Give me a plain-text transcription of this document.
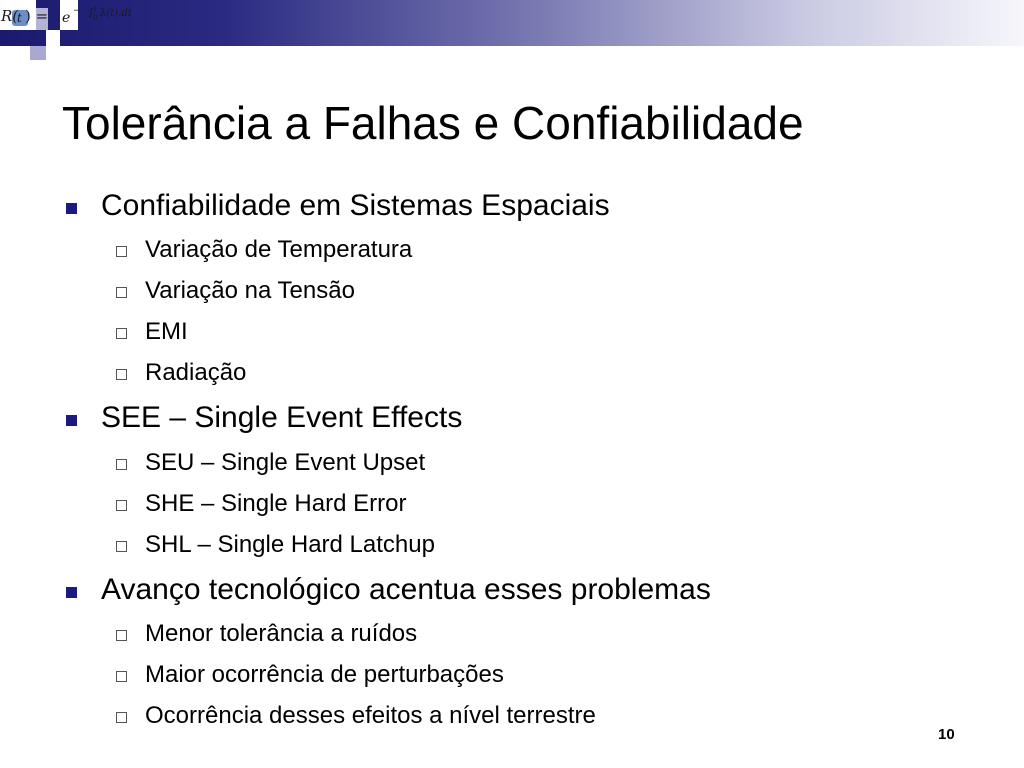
R(
t ) = e − ∫ t
0 λ(t).dt
Tolerância a Falhas e Confiabilidade
Confiabilidade em Sistemas Espaciais
Variação de Temperatura
Variação na Tensão
EMI
Radiação
SEE – Single Event Effects
SEU – Single Event Upset
SHE – Single Hard Error
SHL – Single Hard Latchup
Avanço tecnológico acentua esses problemas
Menor tolerância a ruídos
Maior ocorrência de perturbações
Ocorrência desses efeitos a nível terrestre
10
